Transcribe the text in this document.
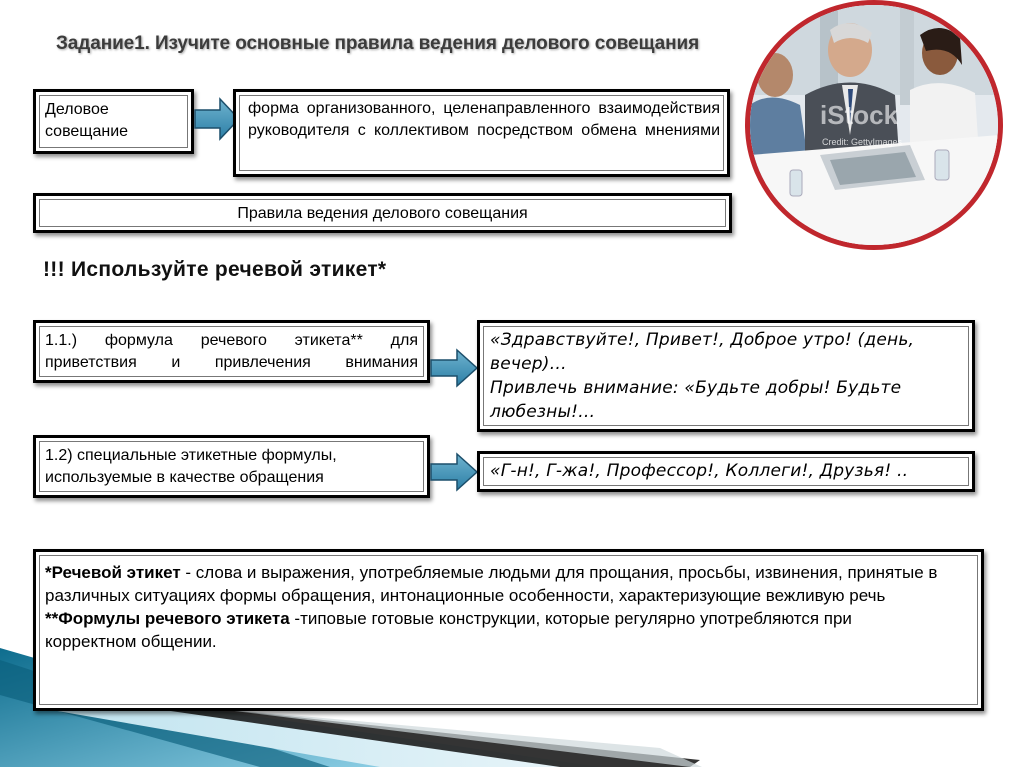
Задание1. Изучите основные правила ведения делового совещания
iStock
Credit: GettyImages
Деловое совещание
форма организованного, целенаправленного взаимодействия руководителя с коллективом посредством обмена мнениями
Правила ведения делового совещания
!!! Используйте речевой этикет*
1.1.) формула речевого этикета** для приветствия и привлечения внимания
«Здравствуйте!, Привет!, Доброе утро! (день, вечер)…
Привлечь внимание: «Будьте добры! Будьте любезны!…
1.2) специальные этикетные формулы, используемые в качестве обращения	«Г-н!, Г-жа!, Профессор!, Коллеги!, Друзья! ..
*Речевой этикет - слова и выражения, употребляемые людьми для прощания, просьбы, извинения, принятые в различных ситуациях формы обращения, интонационные особенности, характеризующие вежливую речь
**Формулы речевого этикета -типовые готовые конструкции, которые регулярно употребляются при корректном общении.
